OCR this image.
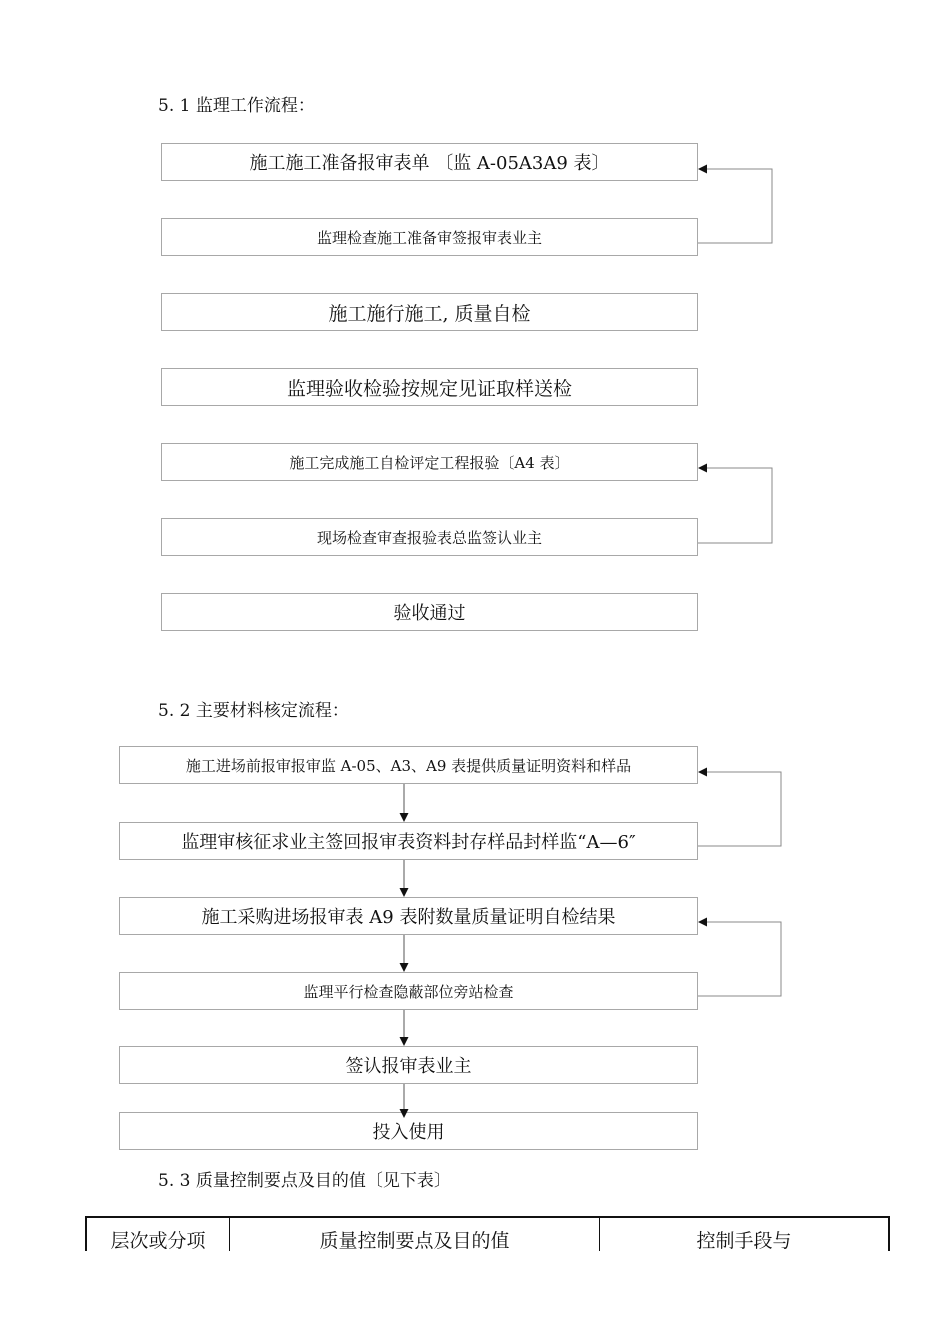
5. 1 监理工作流程：
施工施工准备报审表单 〔监 A-05A3A9 表〕
监理检查施工准备审签报审表业主
施工施行施工, 质量自检
监理验收检验按规定见证取样送检
施工完成施工自检评定工程报验〔A4 表〕
现场检查审查报验表总监签认业主
验收通过
5. 2 主要材料核定流程：
施工进场前报审报审监 A-05、A3、A9 表提供质量证明资料和样品
监理审核征求业主签回报审表资料封存样品封样监“A—6″
施工采购进场报审表 A9 表附数量质量证明自检结果
监理平行检查隐蔽部位旁站检查
签认报审表业主
投入使用
5. 3 质量控制要点及目的值〔见下表〕
层次或分项	质量控制要点及目的值	控制手段与
